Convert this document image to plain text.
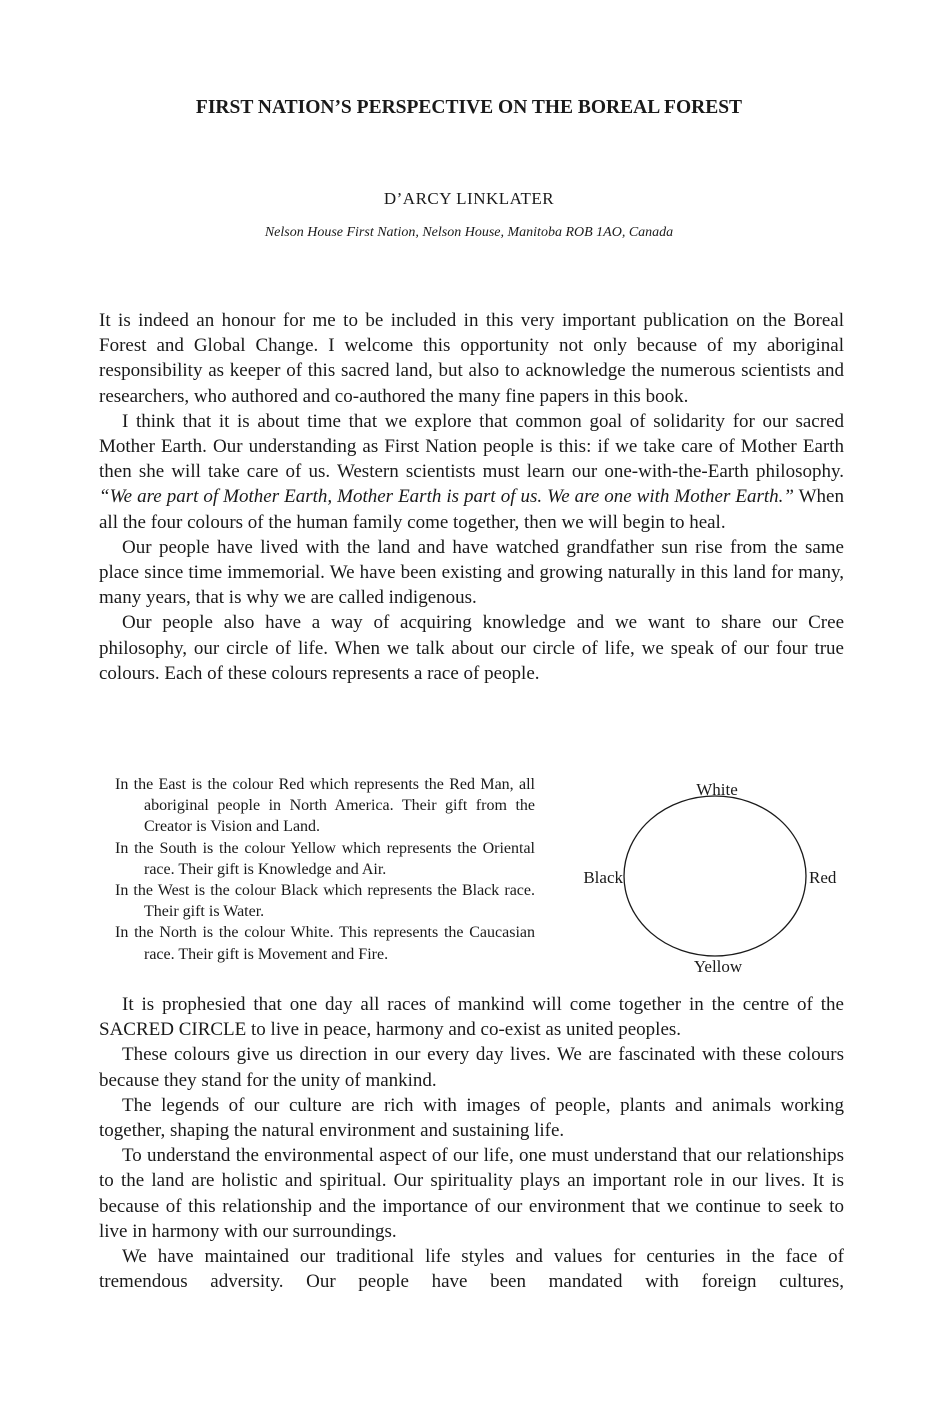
FIRST NATION’S PERSPECTIVE ON THE BOREAL FOREST
D’ARCY LINKLATER
Nelson House First Nation, Nelson House, Manitoba ROB 1AO, Canada

It is indeed an honour for me to be included in this very important publication on the Boreal Forest and Global Change. I welcome this opportunity not only because of my aboriginal responsibility as keeper of this sacred land, but also to acknowledge the numerous scientists and researchers, who authored and co-authored the many fine papers in this book.

I think that it is about time that we explore that common goal of solidarity for our sacred Mother Earth. Our understanding as First Nation people is this: if we take care of Mother Earth then she will take care of us. Western scientists must learn our one-with-the-Earth philosophy. “We are part of Mother Earth, Mother Earth is part of us. We are one with Mother Earth.” When all the four colours of the human family come together, then we will begin to heal.

Our people have lived with the land and have watched grandfather sun rise from the same place since time immemorial. We have been existing and growing naturally in this land for many, many years, that is why we are called indigenous.

Our people also have a way of acquiring knowledge and we want to share our Cree philosophy, our circle of life. When we talk about our circle of life, we speak of our four true colours. Each of these colours represents a race of people.

In the East is the colour Red which represents the Red Man, all aboriginal people in North America. Their gift from the Creator is Vision and Land.

In the South is the colour Yellow which represents the Oriental race. Their gift is Knowledge and Air.

In the West is the colour Black which represents the Black race. Their gift is Water.

In the North is the colour White. This represents the Caucasian race. Their gift is Movement and Fire.

White
Red
Yellow
Black

It is prophesied that one day all races of mankind will come together in the centre of the SACRED CIRCLE to live in peace, harmony and co-exist as united peoples.

These colours give us direction in our every day lives. We are fascinated with these colours because they stand for the unity of mankind.

The legends of our culture are rich with images of people, plants and animals working together, shaping the natural environment and sustaining life.

To understand the environmental aspect of our life, one must understand that our relationships to the land are holistic and spiritual. Our spirituality plays an important role in our lives. It is because of this relationship and the importance of our environment that we continue to seek to live in harmony with our surroundings.

We have maintained our traditional life styles and values for centuries in the face of tremendous adversity. Our people have been mandated with foreign cultures,
